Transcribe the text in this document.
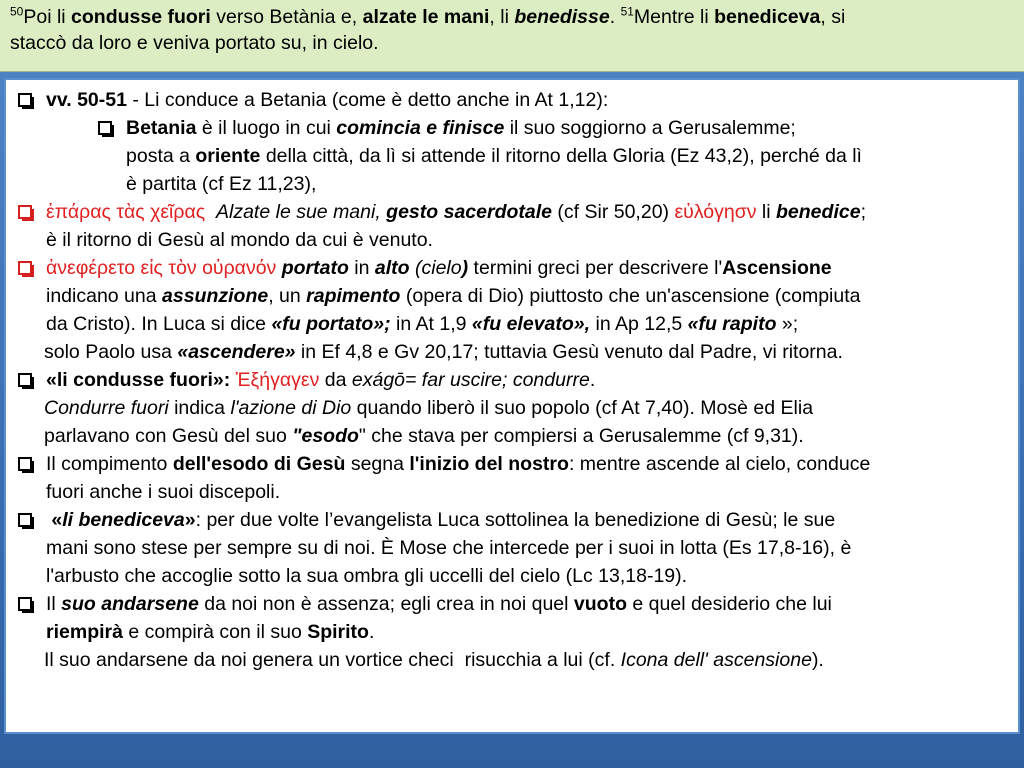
$^{50}$Poi li condusse fuori verso Betània e, alzate le mani, li benedisse. $^{51}$Mentre li benediceva, si
staccò da loro e veniva portato su, in cielo.
vv. 50-51 - Li conduce a Betania (come è detto anche in At 1,12):
Betania è il luogo in cui comincia e finisce il suo soggiorno a Gerusalemme;
posta a oriente della città, da lì si attende il ritorno della Gloria (Ez 43,2), perché da lì
è partita (cf Ez 11,23),
ἐπάρας τὰς χεῖρας Alzate le sue mani, gesto sacerdotale (cf Sir 50,20) εὐλόγησν li benedice;
è il ritorno di Gesù al mondo da cui è venuto.
ἀνεφέρετο εἰς τὸν οὐρανόν portato in alto (cielo) termini greci per descrivere l'Ascensione
indicano una assunzione, un rapimento (opera di Dio) piuttosto che un'ascensione (compiuta
da Cristo). In Luca si dice «fu portato»; in At 1,9 «fu elevato», in Ap 12,5 «fu rapito »;
solo Paolo usa «ascendere» in Ef 4,8 e Gv 20,17; tuttavia Gesù venuto dal Padre, vi ritorna.
«li condusse fuori»: Ἐξήγαγεν da exágō= far uscire; condurre.
Condurre fuori indica l'azione di Dio quando liberò il suo popolo (cf At 7,40). Mosè ed Elia
parlavano con Gesù del suo "esodo" che stava per compiersi a Gerusalemme (cf 9,31).
Il compimento dell'esodo di Gesù segna l'inizio del nostro: mentre ascende al cielo, conduce
fuori anche i suoi discepoli.
«li benediceva»: per due volte l’evangelista Luca sottolinea la benedizione di Gesù; le sue
mani sono stese per sempre su di noi. È Mose che intercede per i suoi in lotta (Es 17,8-16), è
l'arbusto che accoglie sotto la sua ombra gli uccelli del cielo (Lc 13,18-19).
Il suo andarsene da noi non è assenza; egli crea in noi quel vuoto e quel desiderio che lui
riempirà e compirà con il suo Spirito.
Il suo andarsene da noi genera un vortice checi  risucchia a lui (cf. Icona dell' ascensione).
